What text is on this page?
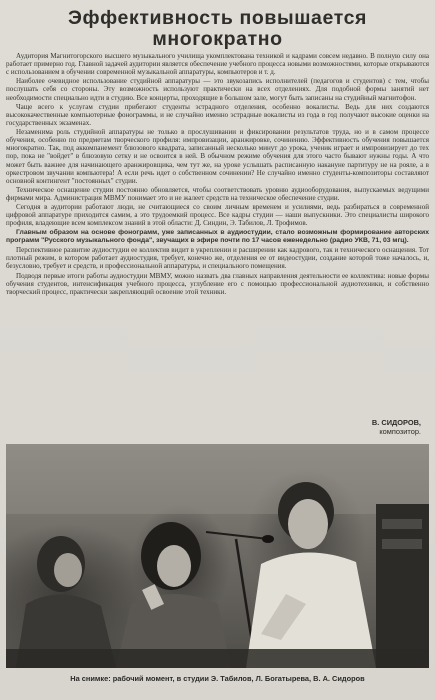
Эффективность повышается
многократно

Аудитория Магнитогорского высшего музыкального училища укомплектована техникой и кадрами совсем недавно. В полную силу она работает примерно год. Главной задачей аудитории является обеспечение учебного процесса новыми возможностями, которые открываются с использованием в обучении современной музыкальной аппаратуры, компьютеров и т. д.

Наиболее очевидное использование студийной аппаратуры — это звукозапись исполнителей (педагогов и студентов) с тем, чтобы послушать себя со стороны. Эту возможность используют практически на всех отделениях. Для подобной формы занятий нет необходимости специально идти в студию. Все концерты, проходящие в большом зале, могут быть записаны на студийный магнитофон.

Чаще всего к услугам студии прибегают студенты эстрадного отделения, особенно вокалисты. Ведь для них создаются высококачественные компьютерные фонограммы, и не случайно именно эстрадные вокалисты из года в год получают высокие оценки на государственных экзаменах.

Незаменима роль студийной аппаратуры не только в прослушивании и фиксировании результатов труда, но и в самом процессе обучения, особенно по предметам творческого профиля: импровизации, аранжировке, сочинению. Эффективность обучения повышается многократно. Так, под аккомпанемент блюзового квадрата, записанный несколько минут до урока, ученик играет и импровизирует до тех пор, пока не "войдет" в блюзовую сетку и не освоится в ней. В обычном режиме обучения для этого часто бывают нужны годы. А что может быть важнее для начинающего аранжировщика, чем тут же, на уроке услышать расписанную накануне партитуру не на рояле, а в оркестровом звучании компьютера! А если речь идет о собственном сочинении? Не случайно именно студенты-композиторы составляют основной контингент "постоянных" студии.

Техническое оснащение студии постоянно обновляется, чтобы соответствовать уровню аудиооборудования, выпускаемых ведущими фирмами мира. Администрация МВМУ понимает это и не жалеет средств на техническое обеспечение студии.

Сегодня в аудитории работают люди, не считающиеся со своим личным временем и усилиями, ведь разбираться в современной цифровой аппаратуре приходится самим, а это трудоемкий процесс. Все кадры студии — наши выпускники. Это специалисты широкого профиля, владеющие всем комплексом знаний в этой области: Д. Синдин, Э. Табилов, Л. Трофимов.

Главным образом на основе фонограмм, уже записанных в аудиостудии, стало возможным формирование авторских программ "Русского музыкального фонда", звучащих в эфире почти по 17 часов еженедельно (радио УКВ, 71, 03 мгц).

Перспективное развитие аудиостудии ее коллектив видит в укреплении и расширении как кадрового, так и технического оснащения. Тот плотный режим, в котором работает аудиостудия, требует, конечно же, отделения ее от видеостудии, создание которой тоже началось, и, безусловно, требует и средств, и профессиональной аппаратуры, и специального помещения.

Подводя первые итоги работы аудиостудии МВМУ, можно назвать два главных направления деятельности ее коллектива: новые формы обучения студентов, интенсификация учебного процесса, углубление его с помощью профессиональной аудиотехники, и собственно творческий процесс, практически закрепляющий освоение этой техники.

В. СИДОРОВ,
композитор.
На снимке: рабочий момент, в студии Э. Табилов, Л. Богатырева, В. А. Сидоров
